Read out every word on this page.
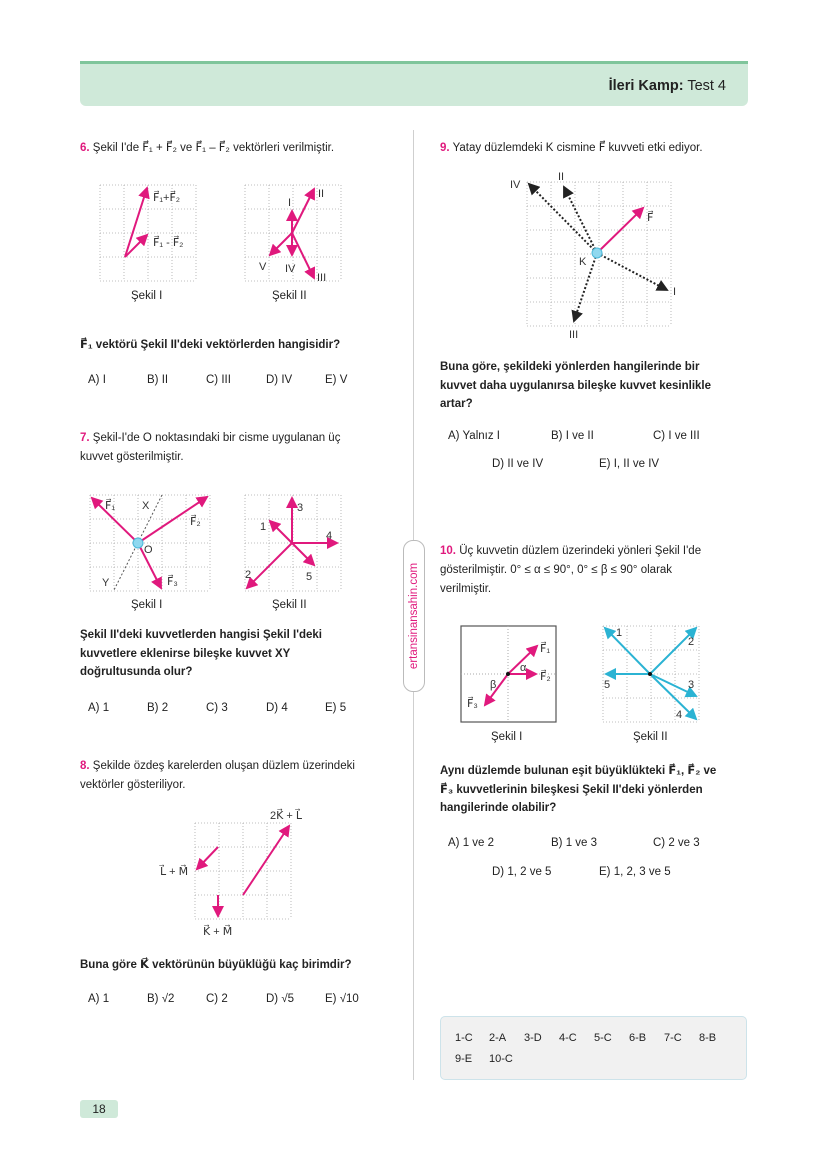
İleri Kamp: Test 4
ertansinansahin.com
6. Şekil I'de F⃗₁ + F⃗₂ ve F⃗₁ – F⃗₂ vektörleri verilmiştir.
Şekil I	Şekil II
F⃗₁ vektörü Şekil II'deki vektörlerden hangisidir?
A) I	B) II	C) III	D) IV	E) V
7. Şekil-I'de O noktasındaki bir cisme uygulanan üç
kuvvet gösterilmiştir.
Şekil I	Şekil II
Şekil II'deki kuvvetlerden hangisi Şekil I'deki
kuvvetlere eklenirse bileşke kuvvet XY
doğrultusunda olur?
A) 1	B) 2	C) 3	D) 4	E) 5
8. Şekilde özdeş karelerden oluşan düzlem üzerindeki
vektörler gösteriliyor.
Buna göre K⃗ vektörünün büyüklüğü kaç birimdir?
A) 1	B) √2	C) 2	D) √5	E) √10
9. Yatay düzlemdeki K cismine F⃗ kuvveti etki ediyor.
Buna göre, şekildeki yönlerden hangilerinde bir
kuvvet daha uygulanırsa bileşke kuvvet kesinlikle
artar?
A) Yalnız I	B) I ve II	C) I ve III
D) II ve IV	E) I, II ve IV
10. Üç kuvvetin düzlem üzerindeki yönleri Şekil I'de
gösterilmiştir. 0° ≤ α ≤ 90°, 0° ≤ β ≤ 90° olarak
verilmiştir.
Şekil I	Şekil II
Aynı düzlemde bulunan eşit büyüklükteki F⃗₁, F⃗₂ ve
F⃗₃ kuvvetlerinin bileşkesi Şekil II'deki yönlerden
hangilerinde olabilir?
A) 1 ve 2	B) 1 ve 3	C) 2 ve 3
D) 1, 2 ve 5	E) 1, 2, 3 ve 5
1-C 2-A 3-D 4-C 5-C 6-B 7-C 8-B
9-E 10-C
18
F⃗₁+F⃗₂
F⃗₁ - F⃗₂
I
II
III
IV
V
F⃗₁ X
F⃗₂
O
F⃗₃
Y
1
2
3
4
5
L⃗ + M⃗
K⃗ + M⃗
2K⃗ + L⃗
K
F⃗
I
II
III
IV
F⃗₁
F⃗₂
F⃗₃
α
β
1
2
3
4
5
